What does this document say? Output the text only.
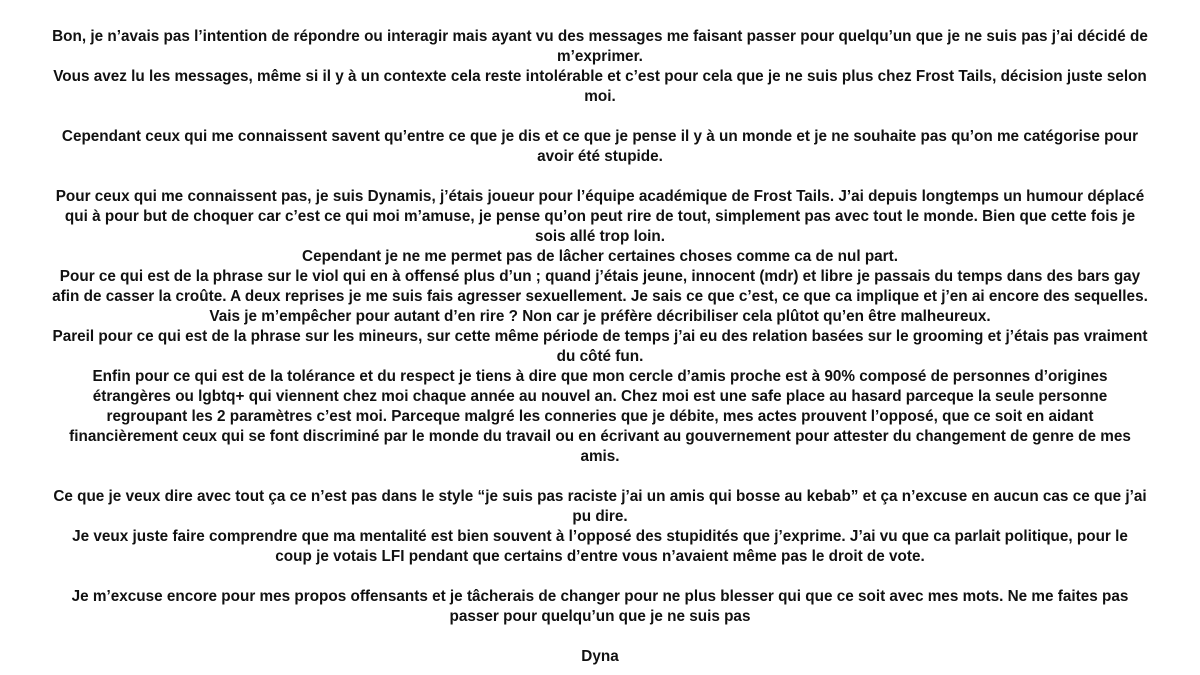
Bon, je n’avais pas l’intention de répondre ou interagir mais ayant vu des messages me faisant passer pour quelqu’un que je ne suis pas j’ai décidé de m’exprimer.
Vous avez lu les messages, même si il y à un contexte cela reste intolérable et c’est pour cela que je ne suis plus chez Frost Tails, décision juste selon moi.
Cependant ceux qui me connaissent savent qu’entre ce que je dis et ce que je pense il y à un monde et je ne souhaite pas qu’on me catégorise pour avoir été stupide.
Pour ceux qui me connaissent pas, je suis Dynamis, j’étais joueur pour l’équipe académique de Frost Tails. J’ai depuis longtemps un humour déplacé qui à pour but de choquer car c’est ce qui moi m’amuse, je pense qu’on peut rire de tout, simplement pas avec tout le monde. Bien que cette fois je sois allé trop loin.
Cependant je ne me permet pas de lâcher certaines choses comme ca de nul part.
Pour ce qui est de la phrase sur le viol qui en à offensé plus d’un ; quand j’étais jeune, innocent (mdr) et libre je passais du temps dans des bars gay afin de casser la croûte. A deux reprises je me suis fais agresser sexuellement. Je sais ce que c’est, ce que ca implique et j’en ai encore des sequelles. Vais je m’empêcher pour autant d’en rire ? Non car je préfère décribiliser cela plûtot qu’en être malheureux.
Pareil pour ce qui est de la phrase sur les mineurs, sur cette même période de temps j’ai eu des relation basées sur le grooming et j’étais pas vraiment du côté fun.
Enfin pour ce qui est de la tolérance et du respect je tiens à dire que mon cercle d’amis proche est à 90% composé de personnes d’origines étrangères ou lgbtq+ qui viennent chez moi chaque année au nouvel an. Chez moi est une safe place au hasard parceque la seule personne regroupant les 2 paramètres c’est moi. Parceque malgré les conneries que je débite, mes actes prouvent l’opposé, que ce soit en aidant financièrement ceux qui se font discriminé par le monde du travail ou en écrivant au gouvernement pour attester du changement de genre de mes amis.
Ce que je veux dire avec tout ça ce n’est pas dans le style “je suis pas raciste j’ai un amis qui bosse au kebab” et ça n’excuse en aucun cas ce que j’ai pu dire.
Je veux juste faire comprendre que ma mentalité est bien souvent à l’opposé des stupidités que j’exprime. J’ai vu que ca parlait politique, pour le coup je votais LFI pendant que certains d’entre vous n’avaient même pas le droit de vote.
Je m’excuse encore pour mes propos offensants et je tâcherais de changer pour ne plus blesser qui que ce soit avec mes mots. Ne me faites pas passer pour quelqu’un que je ne suis pas
Dyna
